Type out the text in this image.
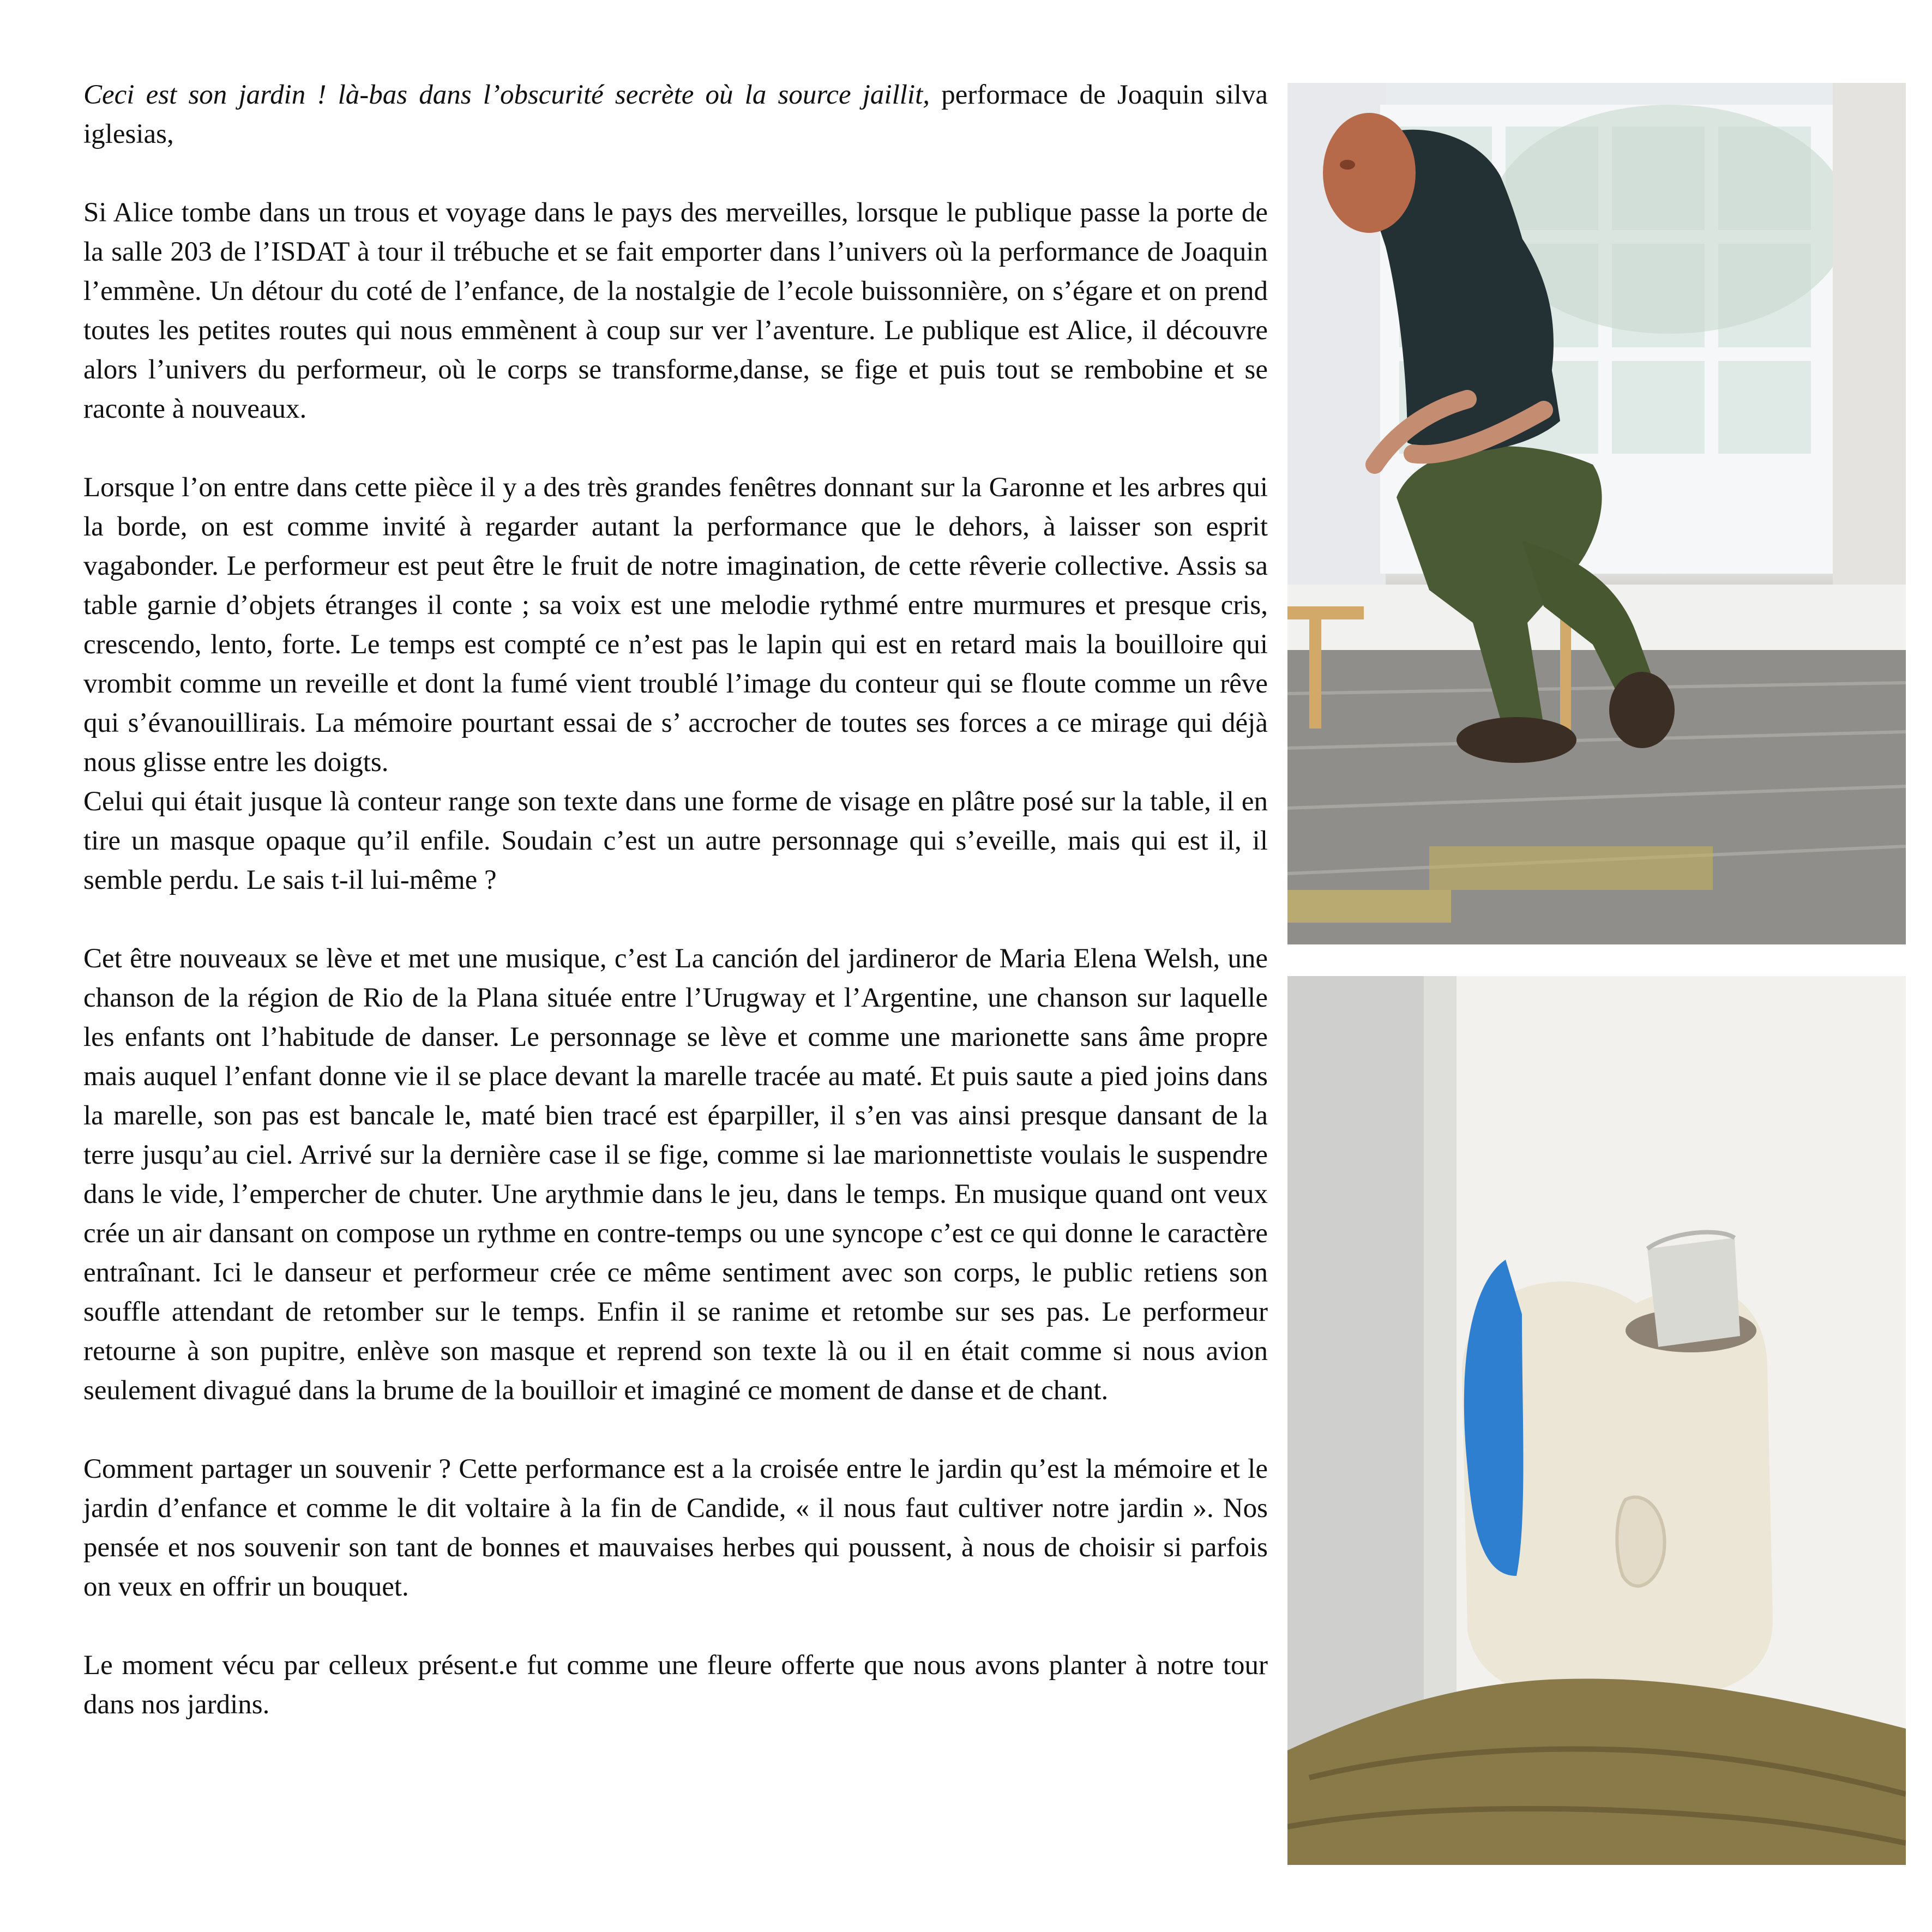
Ceci est son jardin ! là-bas dans l’obscurité secrète où la source jaillit, performace de Joaquin silva iglesias,

Si Alice tombe dans un trous et voyage dans le pays des merveilles, lorsque le publique passe la porte de la salle 203 de l’ISDAT à tour il trébuche et se fait emporter dans l’univers où la performance de Joaquin l’emmène. Un détour du coté de l’enfance, de la nostalgie de l’ecole buissonnière, on s’égare et on prend toutes les petites routes qui nous emmènent à coup sur ver l’aventure. Le publique est Alice, il découvre alors l’univers du performeur, où le corps se transforme,danse, se fige et puis tout se rembobine et se raconte à nouveaux.

Lorsque l’on entre dans cette pièce il y a des très grandes fenêtres donnant sur la Garonne et les arbres qui la borde, on est comme invité à regarder autant la performance que le dehors, à laisser son esprit vagabonder. Le performeur est peut être le fruit de notre imagination, de cette rêverie collective. Assis sa table garnie d’objets étranges il conte ; sa voix est une melodie rythmé entre murmures et presque cris, crescendo, lento, forte. Le temps est compté ce n’est pas le lapin qui est en retard mais la bouilloire qui vrombit comme un reveille et dont la fumé vient troublé l’image du conteur qui se floute comme un rêve qui s’évanouillirais. La mémoire pourtant essai de s’ accrocher de toutes ses forces a ce mirage qui déjà nous glisse entre les doigts.

Celui qui était jusque là conteur range son texte dans une forme de visage en plâtre posé sur la table, il en tire un masque opaque qu’il enfile. Soudain c’est un autre personnage qui s’eveille, mais qui est il, il semble perdu. Le sais t-il lui-même ?

Cet être nouveaux se lève et met une musique, c’est La canción del jardineror de Maria Elena Welsh, une chanson de la région de Rio de la Plana située entre l’Urugway et l’Argentine, une chanson sur laquelle les enfants ont l’habitude de danser. Le personnage se lève et comme une marionette sans âme propre mais auquel l’enfant donne vie il se place devant la marelle tracée au maté. Et puis saute a pied joins dans la marelle, son pas est bancale le, maté bien tracé est éparpiller, il s’en vas ainsi presque dansant de la terre jusqu’au ciel. Arrivé sur la dernière case il se fige, comme si lae marionnettiste voulais le suspendre dans le vide, l’empercher de chuter. Une arythmie dans le jeu, dans le temps. En musique quand ont veux crée un air dansant on compose un rythme en contre-temps ou une syncope c’est ce qui donne le caractère entraînant. Ici le danseur et performeur crée ce même sentiment avec son corps, le public retiens son souffle attendant de retomber sur le temps. Enfin il se ranime et retombe sur ses pas. Le performeur retourne à son pupitre, enlève son masque et reprend son texte là ou il en était comme si nous avion seulement divagué dans la brume de la bouilloir et imaginé ce moment de danse et de chant.

Comment partager un souvenir ? Cette performance est a la croisée entre le jardin qu’est la mémoire et le jardin d’enfance et comme le dit voltaire à la fin de Candide, « il nous faut cultiver notre jardin ». Nos pensée et nos souvenir son tant de bonnes et mauvaises herbes qui poussent, à nous de choisir si parfois on veux en offrir un bouquet.

Le moment vécu par celleux présent.e fut comme une fleure offerte que nous avons planter à notre tour dans nos jardins.
